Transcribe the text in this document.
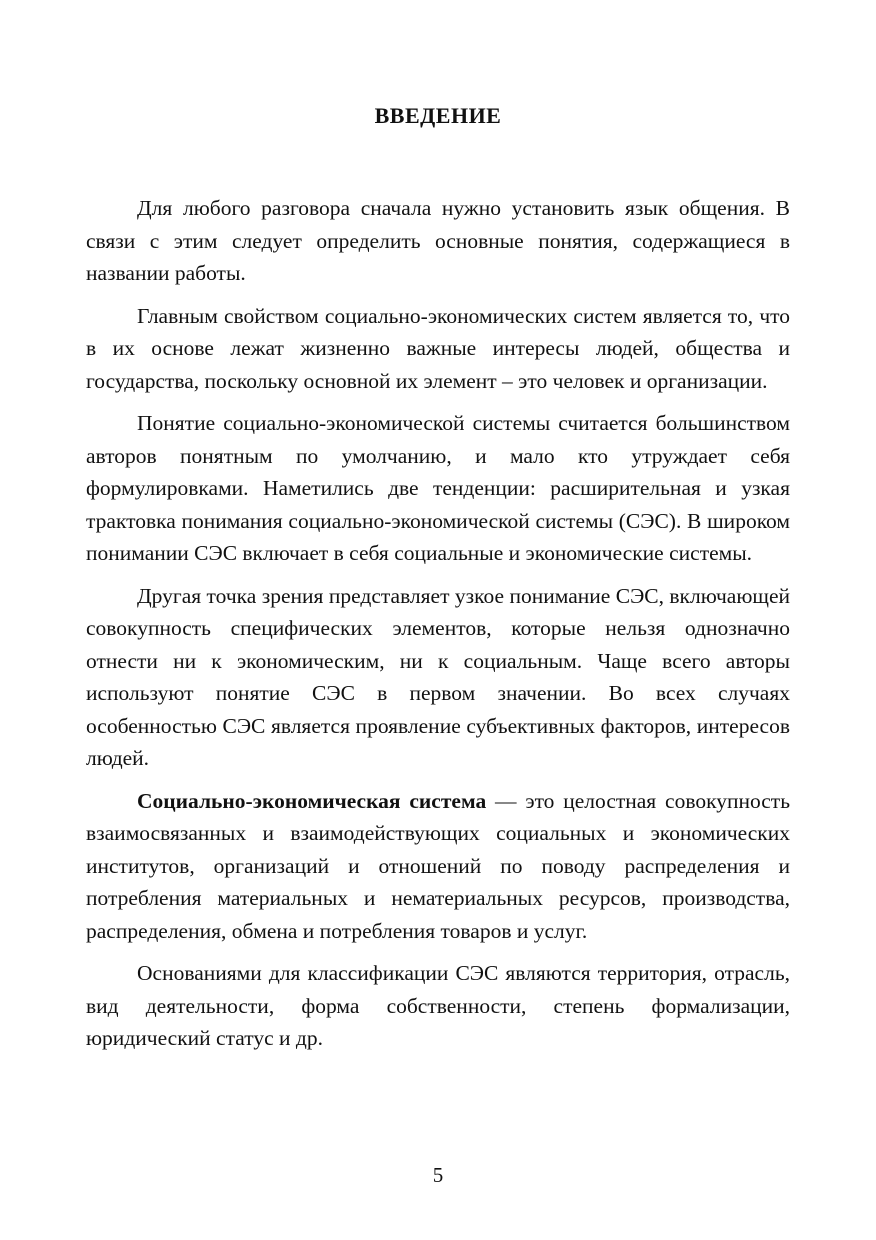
ВВЕДЕНИЕ

Для любого разговора сначала нужно установить язык общения. В связи с этим следует определить основные понятия, содержащиеся в названии работы.

Главным свойством социально-экономических систем является то, что в их основе лежат жизненно важные интересы людей, общества и государства, поскольку основной их элемент – это человек и организации.

Понятие социально-экономической системы считается большинством авторов понятным по умолчанию, и мало кто утруждает себя формулировками. Наметились две тенденции: расширительная и узкая трактовка понимания социально-экономической системы (СЭС). В широком понимании СЭС включает в себя социальные и экономические системы.

Другая точка зрения представляет узкое понимание СЭС, включающей совокупность специфических элементов, которые нельзя однозначно отнести ни к экономическим, ни к социальным. Чаще всего авторы используют понятие СЭС в первом значении. Во всех случаях особенностью СЭС является проявление субъективных факторов, интересов людей.

Социально-экономическая система — это целостная совокупность взаимосвязанных и взаимодействующих социальных и экономических институтов, организаций и отношений по поводу распределения и потребления материальных и нематериальных ресурсов, производства, распределения, обмена и потребления товаров и услуг.

Основаниями для классификации СЭС являются территория, отрасль, вид деятельности, форма собственности, степень формализации, юридический статус и др.

5
